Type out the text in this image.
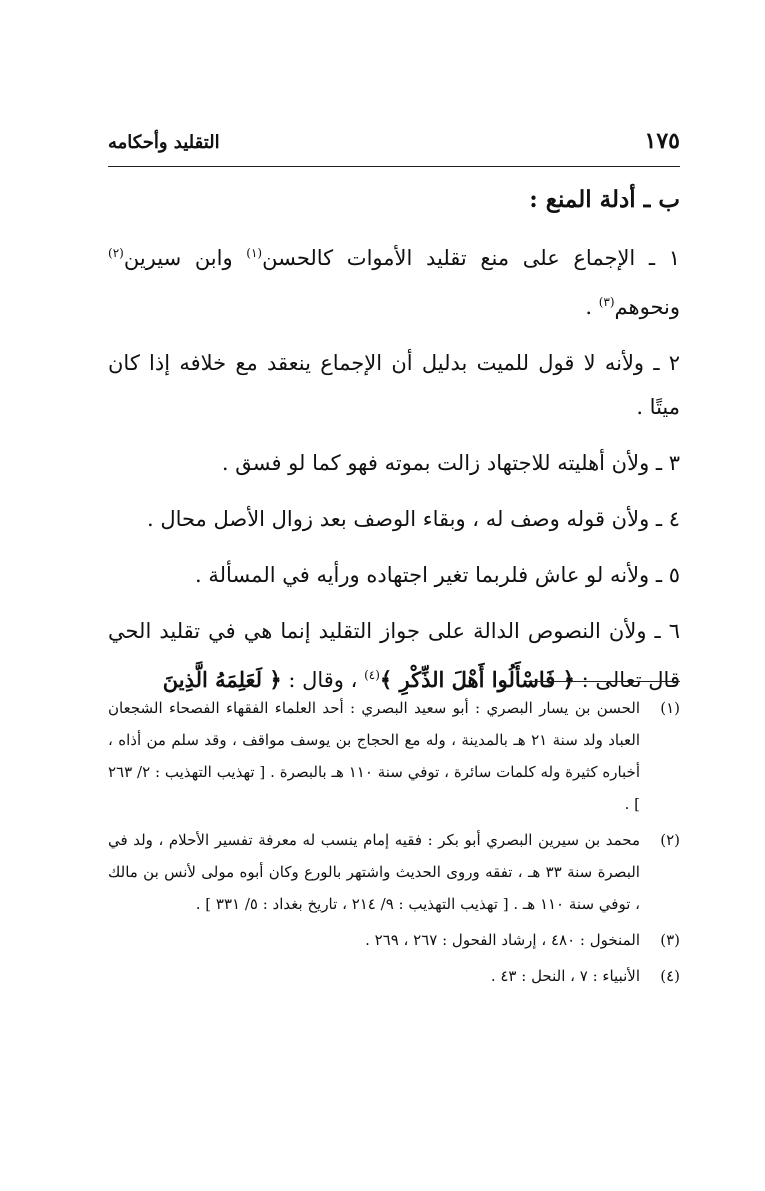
التقليد وأحكامه	١٧٥
ب ـ أدلة المنع :

١ ـ الإجماع على منع تقليد الأموات كالحسن$^{(١)}$ وابن سيرين$^{(٢)}$ ونحوهم$^{(٣)}$ .

٢ ـ ولأنه لا قول للميت بدليل أن الإجماع ينعقد مع خلافه إذا كان ميتًا .

٣ ـ ولأن أهليته للاجتهاد زالت بموته فهو كما لو فسق .

٤ ـ ولأن قوله وصف له ، وبقاء الوصف بعد زوال الأصل محال .

٥ ـ ولأنه لو عاش فلربما تغير اجتهاده ورأيه في المسألة .

٦ ـ ولأن النصوص الدالة على جواز التقليد إنما هي في تقليد الحي قال تعالى : ﴿ فَاسْأَلُوا أَهْلَ الذِّكْرِ ﴾$^{(٤)}$ ، وقال : ﴿ لَعَلِمَهُ الَّذِينَ

(١)
الحسن بن يسار البصري : أبو سعيد البصري : أحد العلماء الفقهاء الفصحاء الشجعان العباد ولد سنة ٢١ هـ بالمدينة ، وله مع الحجاج بن يوسف مواقف ، وقد سلم من أذاه ، أخباره كثيرة وله كلمات سائرة ، توفي سنة ١١٠ هـ بالبصرة . [ تهذيب التهذيب : ٢/ ٢٦٣ ] .
(٢)
محمد بن سيرين البصري أبو بكر : فقيه إمام ينسب له معرفة تفسير الأحلام ، ولد في البصرة سنة ٣٣ هـ ، تفقه وروى الحديث واشتهر بالورع وكان أبوه مولى لأنس بن مالك ، توفي سنة ١١٠ هـ . [ تهذيب التهذيب : ٩/ ٢١٤ ، تاريخ بغداد : ٥/ ٣٣١ ] .
(٣)
المنخول : ٤٨٠ ، إرشاد الفحول : ٢٦٧ ، ٢٦٩ .
(٤)
الأنبياء : ٧ ، النحل : ٤٣ .
